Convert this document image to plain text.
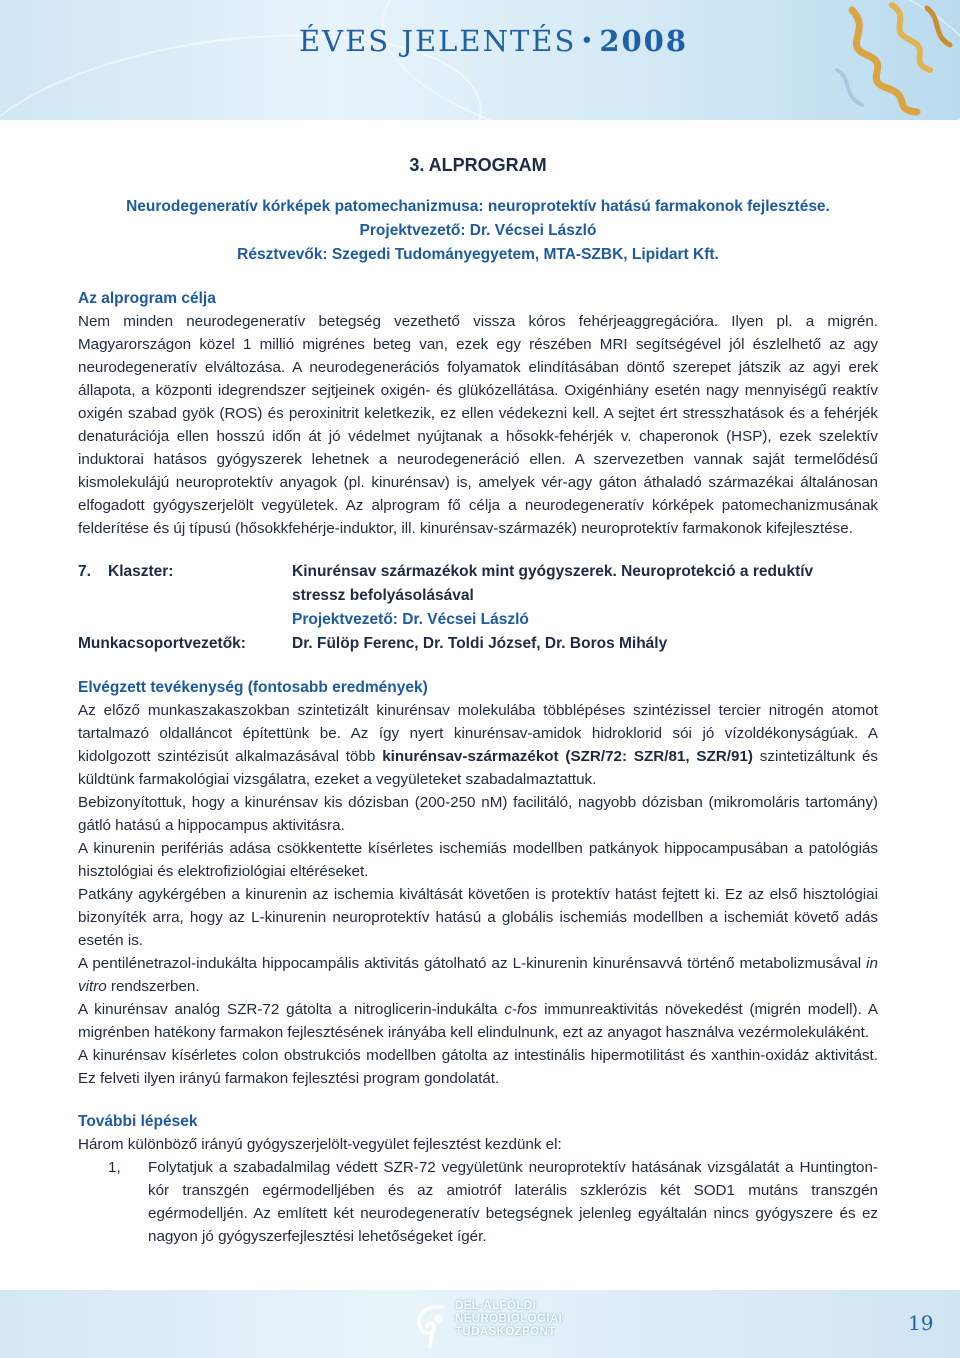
ÉVES JELENTÉS • 2008
3. ALPROGRAM
Neurodegeneratív kórképek patomechanizmusa: neuroprotektív hatású farmakonok fejlesztése.
Projektvezető: Dr. Vécsei László
Résztvevők: Szegedi Tudományegyetem, MTA-SZBK, Lipidart Kft.
Az alprogram célja

Nem minden neurodegeneratív betegség vezethető vissza kóros fehérjeaggregációra. Ilyen pl. a migrén. Magyarországon közel 1 millió migrénes beteg van, ezek egy részében MRI segítségével jól észlelhető az agy neurodegeneratív elváltozása. A neurodegenerációs folyamatok elindításában döntő szerepet játszik az agyi erek állapota, a központi idegrendszer sejtjeinek oxigén- és glükózellátása. Oxigénhiány esetén nagy mennyiségű reaktív oxigén szabad gyök (ROS) és peroxinitrit keletkezik, ez ellen védekezni kell. A sejtet ért stresszhatások és a fehérjék denaturációja ellen hosszú időn át jó védelmet nyújtanak a hősokk-fehérjék v. chaperonok (HSP), ezek szelektív induktorai hatásos gyógyszerek lehetnek a neurodegeneráció ellen. A szervezetben vannak saját termelődésű kismolekulájú neuroprotektív anyagok (pl. kinurénsav) is, amelyek vér-agy gáton áthaladó származékai általánosan elfogadott gyógyszerjelölt vegyületek. Az alprogram fő célja a neurodegeneratív kórképek patomechanizmusának felderítése és új típusú (hősokkfehérje-induktor, ill. kinurénsav-származék) neuroprotektív farmakonok kifejlesztése.

7.	Klaszter:	Kinurénsav származékok mint gyógyszerek. Neuroprotekció a reduktív
stressz befolyásolásával
Projektvezető: Dr. Vécsei László
Munkacsoportvezetők:	Dr. Fülöp Ferenc, Dr. Toldi József, Dr. Boros Mihály
Elvégzett tevékenység (fontosabb eredmények)

Az előző munkaszakaszokban szintetizált kinurénsav molekulába többlépéses szintézissel tercier nitrogén atomot tartalmazó oldalláncot építettünk be. Az így nyert kinurénsav-amidok hidroklorid sói jó vízoldékonyságúak. A kidolgozott szintézisút alkalmazásával több kinurénsav-származékot (SZR/72: SZR/81, SZR/91) szintetizáltunk és küldtünk farmakológiai vizsgálatra, ezeket a vegyületeket szabadalmaztattuk.

Bebizonyítottuk, hogy a kinurénsav kis dózisban (200-250 nM) facilitáló, nagyobb dózisban (mikromoláris tartomány) gátló hatású a hippocampus aktivitásra.

A kinurenin perifériás adása csökkentette kísérletes ischemiás modellben patkányok hippocampusában a patológiás hisztológiai és elektrofiziológiai eltéréseket.

Patkány agykérgében a kinurenin az ischemia kiváltását követően is protektív hatást fejtett ki. Ez az első hisztológiai bizonyíték arra, hogy az L-kinurenin neuroprotektív hatású a globális ischemiás modellben a ischemiát követő adás esetén is.

A pentilénetrazol-indukálta hippocampális aktivitás gátolható az L-kinurenin kinurénsavvá történő metabolizmusával in vitro rendszerben.

A kinurénsav analóg SZR-72 gátolta a nitroglicerin-indukálta c-fos immunreaktivitás növekedést (migrén modell). A migrénben hatékony farmakon fejlesztésének irányába kell elindulnunk, ezt az anyagot használva vezérmolekuláként.

A kinurénsav kísérletes colon obstrukciós modellben gátolta az intestinális hipermotilitást és xanthin-oxidáz aktivitást. Ez felveti ilyen irányú farmakon fejlesztési program gondolatát.

További lépések

Három különböző irányú gyógyszerjelölt-vegyület fejlesztést kezdünk el:

1,	Folytatjuk a szabadalmilag védett SZR-72 vegyületünk neuroprotektív hatásának vizsgálatát a Huntington-kór transzgén egérmodelljében és az amiotróf laterális szklerózis két SOD1 mutáns transzgén egérmodelljén. Az említett két neurodegeneratív betegségnek jelenleg egyáltalán nincs gyógyszere és ez nagyon jó gyógyszerfejlesztési lehetőségeket ígér.
DÉL-ALFÖLDI
NEUROBIOLOGIAI
TUDÁSKÖZPONT	19
